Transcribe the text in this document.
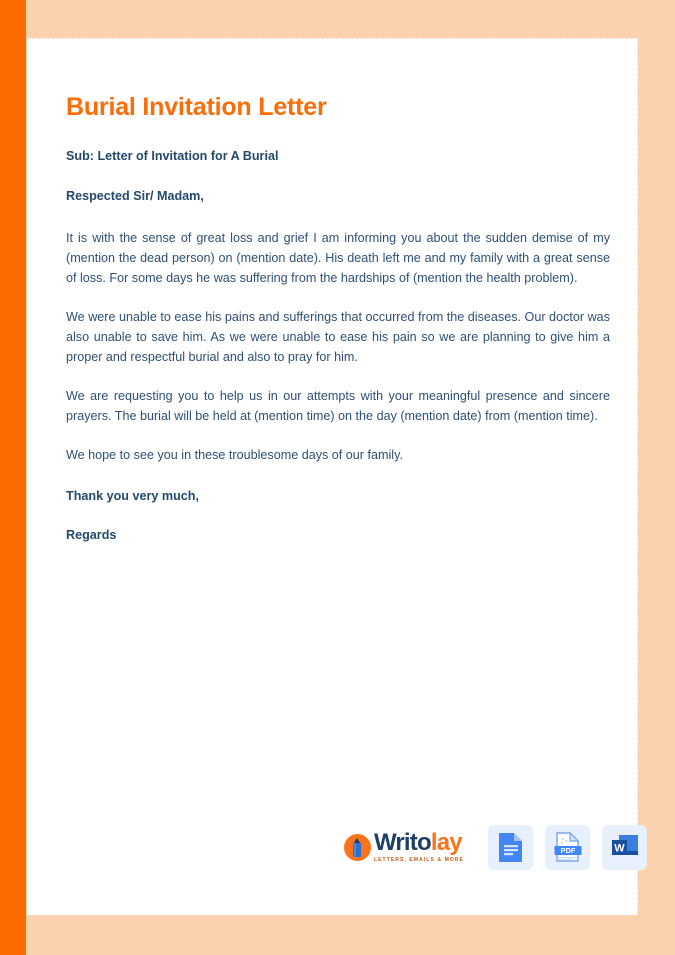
Burial Invitation Letter

Sub: Letter of Invitation for A Burial

Respected Sir/ Madam,

It is with the sense of great loss and grief I am informing you about the sudden demise of my (mention the dead person) on (mention date). His death left me and my family with a great sense of loss. For some days he was suffering from the hardships of (mention the health problem).

We were unable to ease his pains and sufferings that occurred from the diseases. Our doctor was also unable to save him. As we were unable to ease his pain so we are planning to give him a proper and respectful burial and also to pray for him.

We are requesting you to help us in our attempts with your meaningful presence and sincere prayers. The burial will be held at (mention time) on the day (mention date) from (mention time).

We hope to see you in these troublesome days of our family.

Thank you very much,

Regards

Writolay
LETTERS, EMAILS & MORE
PDF	W
